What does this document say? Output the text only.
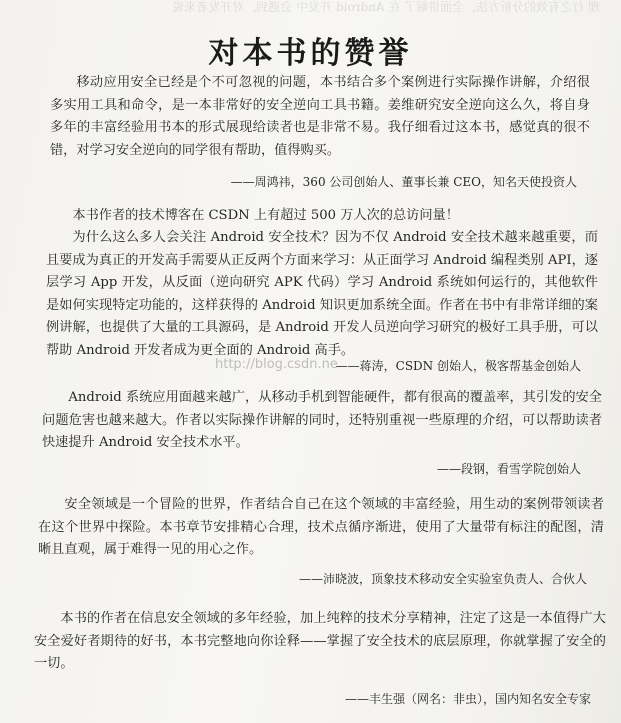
理 行之有效的分析方法，全面讲解了 在 Android 开发中 会遇到，对开发者来说
对本书的赞誉

移动应用安全已经是个不可忽视的问题，本书结合多个案例进行实际操作讲解，介绍很多实用工具和命令，是一本非常好的安全逆向工具书籍。姜维研究安全逆向这么久，将自身多年的丰富经验用书本的形式展现给读者也是非常不易。我仔细看过这本书，感觉真的很不错，对学习安全逆向的同学很有帮助，值得购买。

——周鸿祎，360 公司创始人、董事长兼 CEO，知名天使投资人

本书作者的技术博客在 CSDN 上有超过 500 万人次的总访问量！

为什么这么多人会关注 Android 安全技术？因为不仅 Android 安全技术越来越重要，而且要成为真正的开发高手需要从正反两个方面来学习：从正面学习 Android 编程类别 API，逐层学习 App 开发，从反面（逆向研究 APK 代码）学习 Android 系统如何运行的，其他软件是如何实现特定功能的，这样获得的 Android 知识更加系统全面。作者在书中有非常详细的案例讲解，也提供了大量的工具源码，是 Android 开发人员逆向学习研究的极好工具手册，可以帮助 Android 开发者成为更全面的 Android 高手。

——蒋涛，CSDN 创始人，极客帮基金创始人
http://blog.csdn.ne

Android 系统应用面越来越广，从移动手机到智能硬件，都有很高的覆盖率，其引发的安全问题危害也越来越大。作者以实际操作讲解的同时，还特别重视一些原理的介绍，可以帮助读者快速提升 Android 安全技术水平。

——段钢，看雪学院创始人

安全领域是一个冒险的世界，作者结合自己在这个领域的丰富经验，用生动的案例带领读者在这个世界中探险。本书章节安排精心合理，技术点循序渐进，使用了大量带有标注的配图，清晰且直观，属于难得一见的用心之作。

——沛晓波，顶象技术移动安全实验室负责人、合伙人

本书的作者在信息安全领域的多年经验，加上纯粹的技术分享精神，注定了这是一本值得广大安全爱好者期待的好书，本书完整地向你诠释——掌握了安全技术的底层原理，你就掌握了安全的一切。

——丰生强（网名：非虫），国内知名安全专家
